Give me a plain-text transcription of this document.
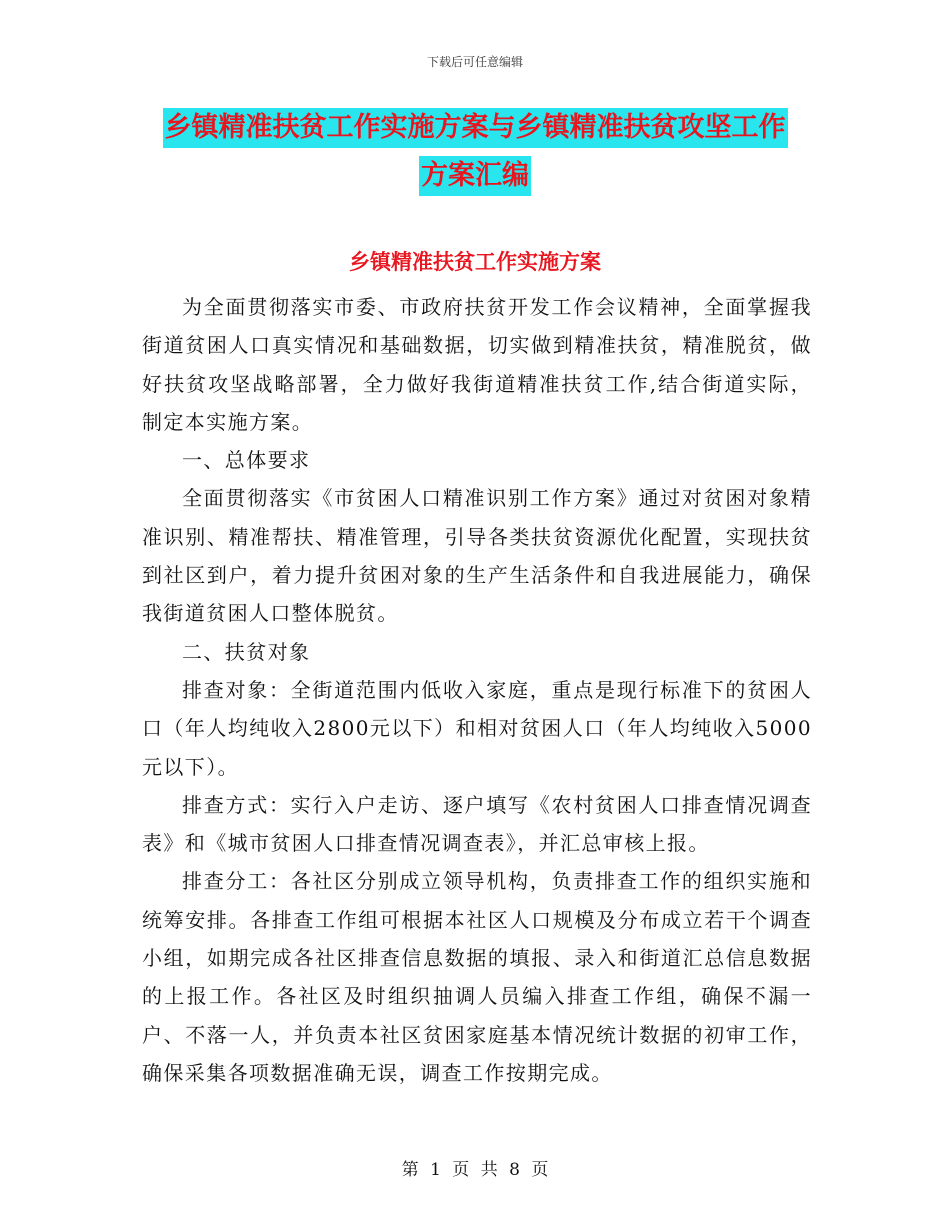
下载后可任意编辑
乡镇精准扶贫工作实施方案与乡镇精准扶贫攻坚工作
方案汇编
乡镇精准扶贫工作实施方案

为全面贯彻落实市委、市政府扶贫开发工作会议精神，全面掌握我街道贫困人口真实情况和基础数据，切实做到精准扶贫，精准脱贫，做好扶贫攻坚战略部署，全力做好我街道精准扶贫工作,结合街道实际，制定本实施方案。

一、总体要求

全面贯彻落实《市贫困人口精准识别工作方案》通过对贫困对象精准识别、精准帮扶、精准管理，引导各类扶贫资源优化配置，实现扶贫到社区到户，着力提升贫困对象的生产生活条件和自我进展能力，确保我街道贫困人口整体脱贫。

二、扶贫对象

排查对象：全街道范围内低收入家庭，重点是现行标准下的贫困人口（年人均纯收入2800元以下）和相对贫困人口（年人均纯收入5000元以下）。

排查方式：实行入户走访、逐户填写《农村贫困人口排查情况调查表》和《城市贫困人口排查情况调查表》，并汇总审核上报。

排查分工：各社区分别成立领导机构，负责排查工作的组织实施和统筹安排。各排查工作组可根据本社区人口规模及分布成立若干个调查小组，如期完成各社区排查信息数据的填报、录入和街道汇总信息数据的上报工作。各社区及时组织抽调人员编入排查工作组，确保不漏一户、不落一人，并负责本社区贫困家庭基本情况统计数据的初审工作，确保采集各项数据准确无误，调查工作按期完成。

第 1 页 共 8 页
